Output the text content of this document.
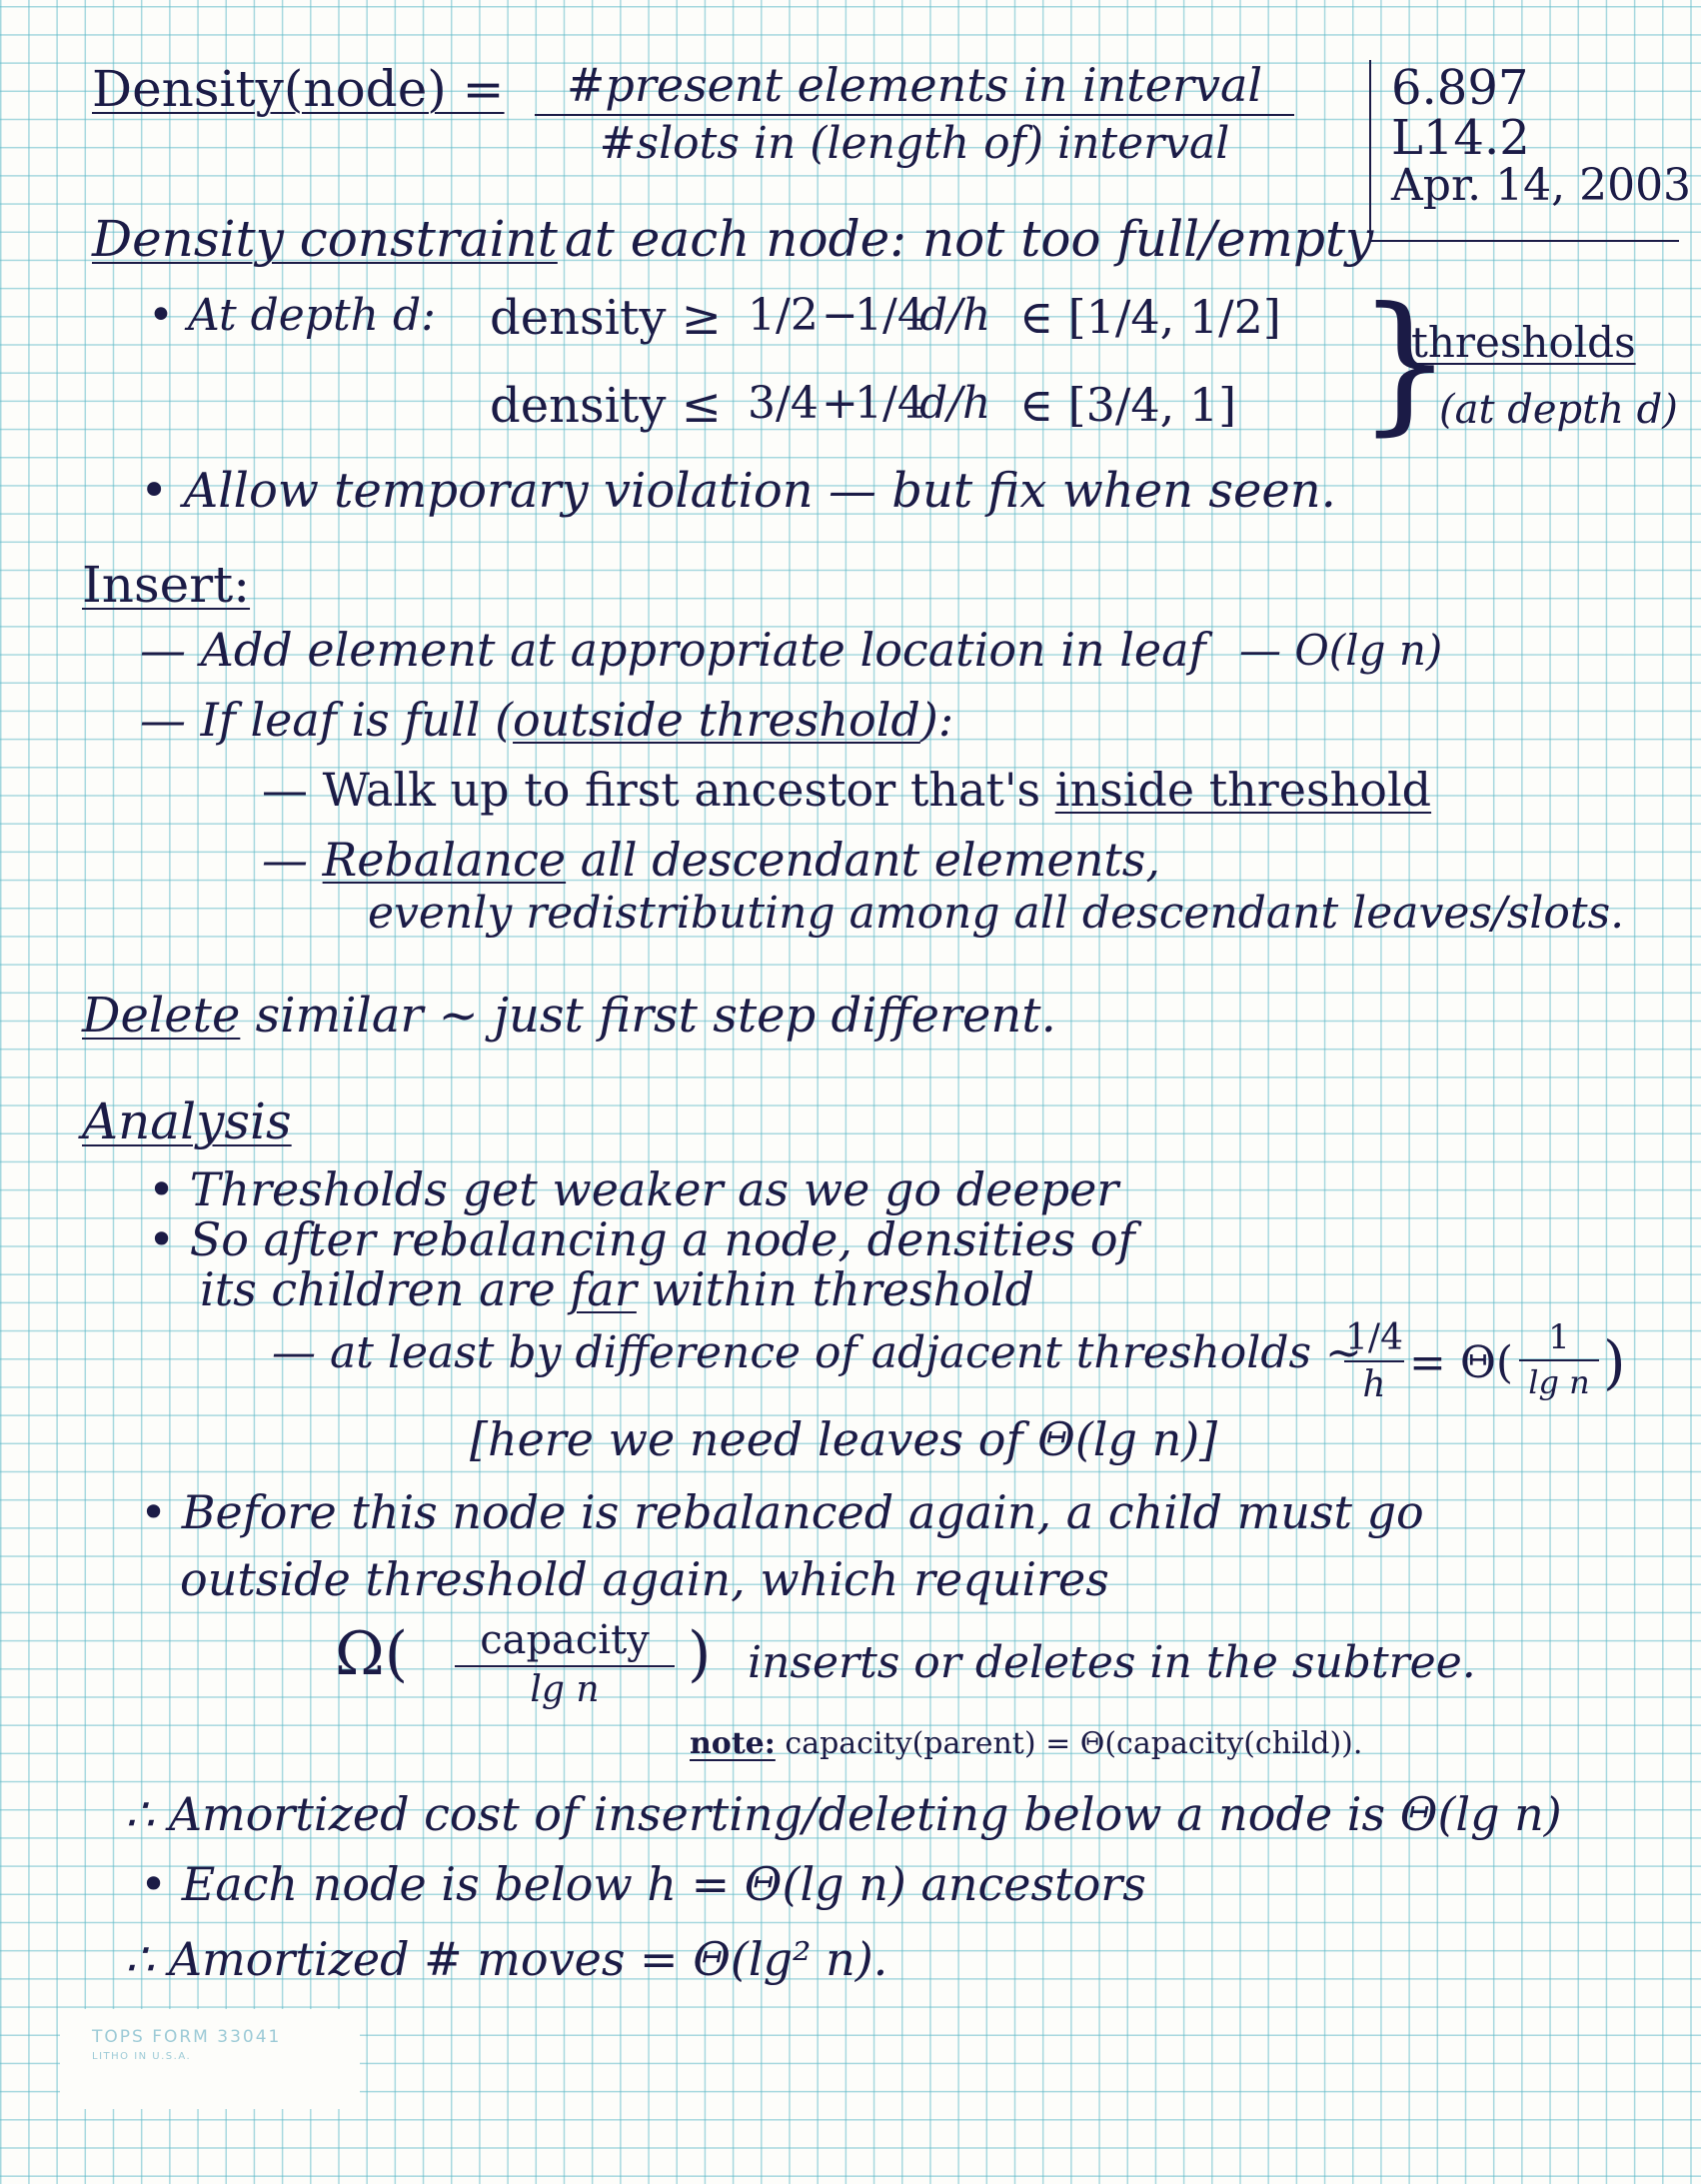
6.897
L14.2
Apr. 14, 2003
Density(node) = #present elements in interval
#slots in (length of) interval
Density constraint at each node: not too full/empty
• At depth d: density ≥ 1/2 −
1/4
d/h ∈ [1/4, 1/2]
density ≤ 3/4 +
1/4
d/h ∈ [3/4, 1] }
thresholds
(at depth d)
• Allow temporary violation — but fix when seen.
Insert:
— Add element at appropriate location in leaf — O(lg n)
— If leaf is full (outside threshold):
— Walk up to first ancestor that's inside threshold
— Rebalance all descendant elements,
evenly redistributing among all descendant leaves/slots.
Delete similar ~ just first step different.
Analysis
• Thresholds get weaker as we go deeper
• So after rebalancing a node, densities of
its children are far within threshold
— at least by difference of adjacent thresholds ~
1/4
h = Θ( 1
lg n )
[here we need leaves of Θ(lg n)]
• Before this node is rebalanced again, a child must go
outside threshold again, which requires
Ω( capacity
lg n
) inserts or deletes in the subtree.
note: capacity(parent) = Θ(capacity(child)).
∴ Amortized cost of inserting/deleting below a node is Θ(lg n)
• Each node is below h = Θ(lg n) ancestors
∴ Amortized # moves = Θ(lg² n).
TOPS FORM 33041
LITHO IN U.S.A.
